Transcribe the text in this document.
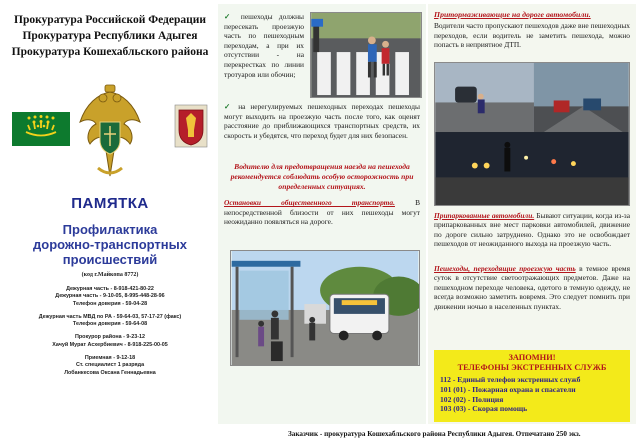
Прокуратура Российской Федерации
Прокуратура Республики Адыгея
Прокуратура Кошехабльского района
ПАМЯТКА
Профилактика
дорожно-транспортных
происшествий
(код г.Майкопа 8772)
Дежурная часть - 8-918-421-80-22
Дежурная часть - 9-10-05, 8-995-448-28-96
Телефон доверия - 59-04-28
Дежурная часть МВД по РА - 59-64-03, 57-17-27 (факс)
Телефон доверия - 59-64-08
Прокурор района - 9-23-12
Хачуй Мурат Асхербиевич - 8-918-225-00-05
Приемная - 9-12-18
Ст. специалист 1 разряда
Лобанкесова Оксана Геннадьевна
✓ пешеходы должны пересекать проезжую часть по пешеходным переходам, а при их отсутствии - на перекрестках по линии тротуаров или обочин;
✓ на нерегулируемых пешеходных переходах пешеходы могут выходить на проезжую часть после того, как оценят расстояние до приближающихся транспортных средств, их скорость и убедятся, что переход будет для них безопасен.
Водителю для предотвращения наезда на пешехода рекомендуется соблюдать особую осторожность при определенных ситуациях.
Остановки общественного транспорта.	В непосредственной близости от них пешеходы могут неожиданно появляться на дороге.
Притормаживающие на дороге автомобили.
Водители часто пропускают пешеходов даже вне пешеходных переходов, если водитель не заметить пешехода, можно попасть в неприятное ДТП.
Припаркованные автомобили. Бывают ситуации, когда из-за припаркованных вне мест парковки автомобилей, движение по дороге сильно затруднено. Однако это не освобождает пешеходов от неожиданного выхода на проезжую часть.
Пешеходы, переходящие проезжую часть в темное время суток в отсутствие светоотражающих предметов. Даже на пешеходном переходе человека, одетого в темную одежду, не всегда возможно заметить вовремя. Это следует помнить при движении ночью в населенных пунктах.
ЗАПОМНИ!
ТЕЛЕФОНЫ ЭКСТРЕННЫХ СЛУЖБ
112 - Единый телефон экстренных служб
101 (01) - Пожарная охрана и спасатели
102 (02) - Полиция
103 (03) - Скорая помощь
Заказчик - прокуратура Кошехабльского района Республики Адыгея. Отпечатано 250 экз.
